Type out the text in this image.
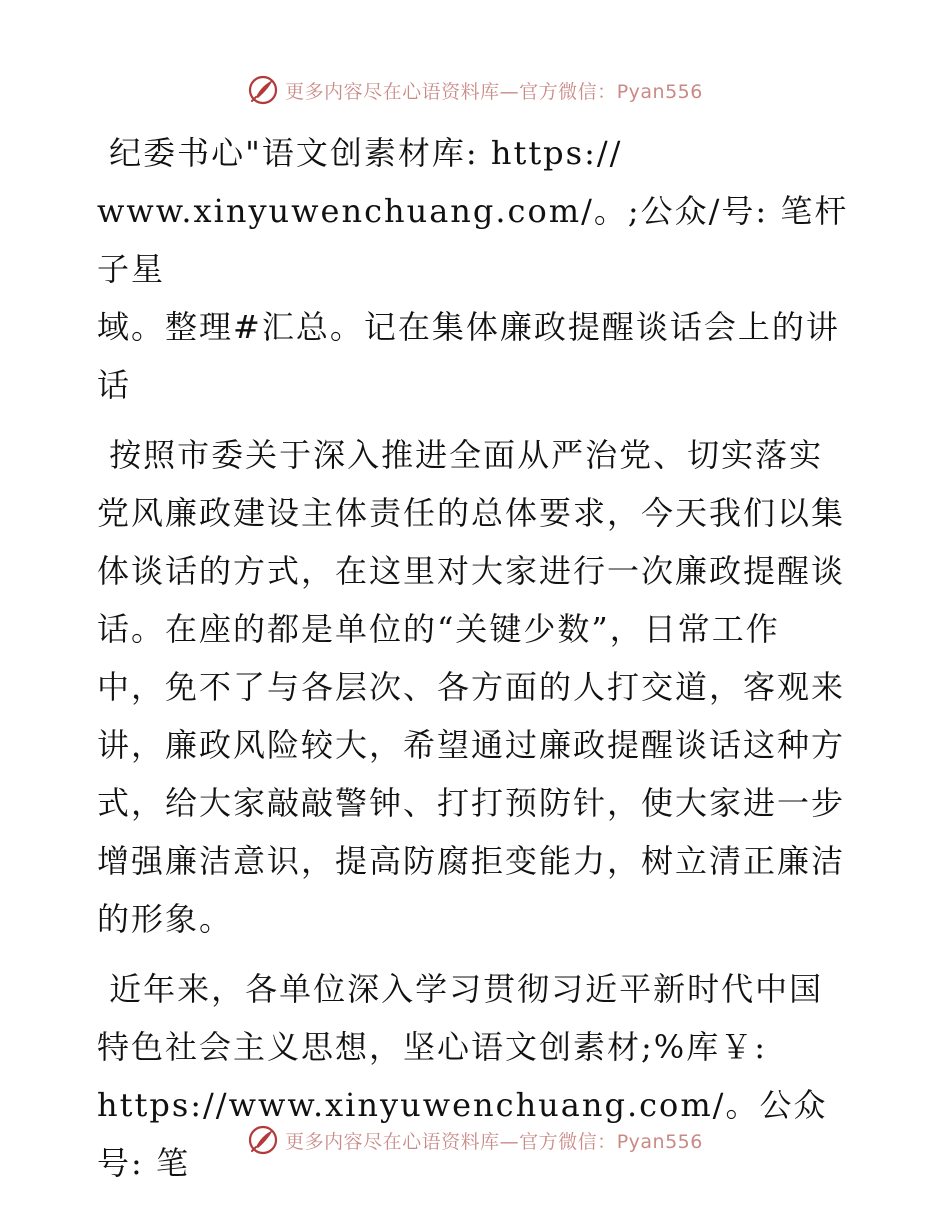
更多内容尽在心语资料库—官方微信：Pyan556

纪委书心"语文创素材库: https://
www.xinyuwenchuang.com/。;公众/号: 笔杆子星
域。整理#汇总。记在集体廉政提醒谈话会上的讲
话

按照市委关于深入推进全面从严治党、切实落实
党风廉政建设主体责任的总体要求，今天我们以集
体谈话的方式，在这里对大家进行一次廉政提醒谈
话。在座的都是单位的“关键少数”，日常工作
中，免不了与各层次、各方面的人打交道，客观来
讲，廉政风险较大，希望通过廉政提醒谈话这种方
式，给大家敲敲警钟、打打预防针，使大家进一步
增强廉洁意识，提高防腐拒变能力，树立清正廉洁
的形象。

近年来，各单位深入学习贯彻习近平新时代中国
特色社会主义思想，坚心语文创素材;%库￥:
https://www.xinyuwenchuang.com/。公众号: 笔

更多内容尽在心语资料库—官方微信：Pyan556
